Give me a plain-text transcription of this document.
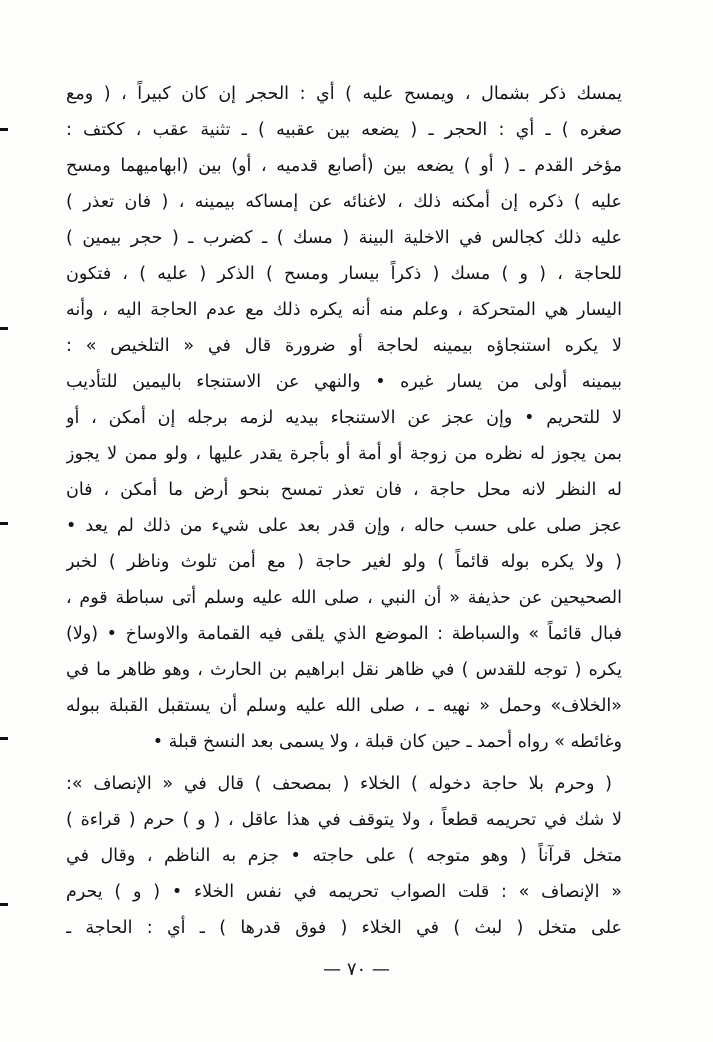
يمسك ذكر بشمال ، ويمسح عليه ) أي : الحجر إن كان كبيراً ، ( ومع
صغره ) ـ أي : الحجر ـ ( يضعه بين عقبيه ) ـ تثنية عقب ، ككتف :
مؤخر القدم ـ ( أو ) يضعه بين (أصابع قدميه ، أو) بين (ابهاميهما ومسح
عليه ) ذكره إن أمكنه ذلك ، لاغنائه عن إمساكه بيمينه ، ( فان تعذر )
عليه ذلك كجالس في الاخلية البينة ( مسك ) ـ كضرب ـ ( حجر بيمين )
للحاجة ، ( و ) مسك ( ذكراً بيسار ومسح ) الذكر ( عليه ) ، فتكون
اليسار هي المتحركة ، وعلم منه أنه يكره ذلك مع عدم الحاجة اليه ، وأنه
لا يكره استنجاؤه بيمينه لحاجة أو ضرورة قال في « التلخيص » :
بيمينه أولى من يسار غيره • والنهي عن الاستنجاء باليمين للتأديب
لا للتحريم • وإن عجز عن الاستنجاء بيديه لزمه برجله إن أمكن ، أو
بمن يجوز له نظره من زوجة أو أمة أو بأجرة يقدر عليها ، ولو ممن لا يجوز
له النظر لانه محل حاجة ، فان تعذر تمسح بنحو أرض ما أمكن ، فان
عجز صلى على حسب حاله ، وإن قدر بعد على شيء من ذلك لم يعد •
( ولا يكره بوله قائماً ) ولو لغير حاجة ( مع أمن تلوث وناظر ) لخبر
الصحيحين عن حذيفة « أن النبي ، صلى الله عليه وسلم أتى سباطة قوم ،
فبال قائماً » والسباطة : الموضع الذي يلقى فيه القمامة والاوساخ • (ولا)
يكره ( توجه للقدس ) في ظاهر نقل ابراهيم بن الحارث ، وهو ظاهر ما في
«الخلاف» وحمل « نهيه ـ ، صلى الله عليه وسلم أن يستقبل القبلة ببوله
وغائطه » رواه أحمد ـ حين كان قبلة ، ولا يسمى بعد النسخ قبلة •
( وحرم بلا حاجة دخوله ) الخلاء ( بمصحف ) قال في « الإنصاف »:
لا شك في تحريمه قطعاً ، ولا يتوقف في هذا عاقل ، ( و ) حرم ( قراءة )
متخل قرآناً ( وهو متوجه ) على حاجته • جزم به الناظم ، وقال في
« الإنصاف » : قلت الصواب تحريمه في نفس الخلاء • ( و ) يحرم
على متخل ( لبث ) في الخلاء ( فوق قدرها ) ـ أي : الحاجة ـ
— ٧٠ —
